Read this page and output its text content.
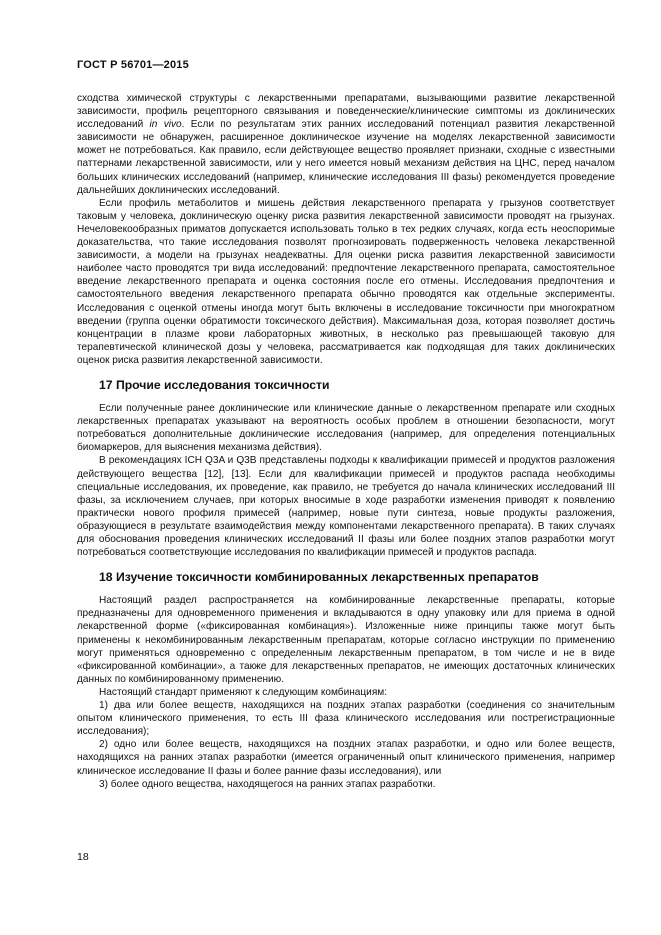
ГОСТ Р 56701—2015

сходства химической структуры с лекарственными препаратами, вызывающими развитие лекарственной зависимости, профиль рецепторного связывания и поведенческие/клинические симптомы из доклинических исследований in vivo. Если по результатам этих ранних исследований потенциал развития лекарственной зависимости не обнаружен, расширенное доклиническое изучение на моделях лекарственной зависимости может не потребоваться. Как правило, если действующее вещество проявляет признаки, сходные с известными паттернами лекарственной зависимости, или у него имеется новый механизм действия на ЦНС, перед началом больших клинических исследований (например, клинические исследования III фазы) рекомендуется проведение дальнейших доклинических исследований.

Если профиль метаболитов и мишень действия лекарственного препарата у грызунов соответствует таковым у человека, доклиническую оценку риска развития лекарственной зависимости проводят на грызунах. Нечеловекообразных приматов допускается использовать только в тех редких случаях, когда есть неоспоримые доказательства, что такие исследования позволят прогнозировать подверженность человека лекарственной зависимости, а модели на грызунах неадекватны. Для оценки риска развития лекарственной зависимости наиболее часто проводятся три вида исследований: предпочтение лекарственного препарата, самостоятельное введение лекарственного препарата и оценка состояния после его отмены. Исследования предпочтения и самостоятельного введения лекарственного препарата обычно проводятся как отдельные эксперименты. Исследования с оценкой отмены иногда могут быть включены в исследование токсичности при многократном введении (группа оценки обратимости токсического действия). Максимальная доза, которая позволяет достичь концентрации в плазме крови лабораторных животных, в несколько раз превышающей таковую для терапевтической клинической дозы у человека, рассматривается как подходящая для таких доклинических оценок риска развития лекарственной зависимости.

17 Прочие исследования токсичности

Если полученные ранее доклинические или клинические данные о лекарственном препарате или сходных лекарственных препаратах указывают на вероятность особых проблем в отношении безопасности, могут потребоваться дополнительные доклинические исследования (например, для определения потенциальных биомаркеров, для выяснения механизма действия).

В рекомендациях ICH Q3A и Q3B представлены подходы к квалификации примесей и продуктов разложения действующего вещества [12], [13]. Если для квалификации примесей и продуктов распада необходимы специальные исследования, их проведение, как правило, не требуется до начала клинических исследований III фазы, за исключением случаев, при которых вносимые в ходе разработки изменения приводят к появлению практически нового профиля примесей (например, новые пути синтеза, новые продукты разложения, образующиеся в результате взаимодействия между компонентами лекарственного препарата). В таких случаях для обоснования проведения клинических исследований II фазы или более поздних этапов разработки могут потребоваться соответствующие исследования по квалификации примесей и продуктов распада.

18 Изучение токсичности комбинированных лекарственных препаратов

Настоящий раздел распространяется на комбинированные лекарственные препараты, которые предназначены для одновременного применения и вкладываются в одну упаковку или для приема в одной лекарственной форме («фиксированная комбинация»). Изложенные ниже принципы также могут быть применены к некомбинированным лекарственным препаратам, которые согласно инструкции по применению могут применяться одновременно с определенным лекарственным препаратом, в том числе и не в виде «фиксированной комбинации», а также для лекарственных препаратов, не имеющих достаточных клинических данных по комбинированному применению.

Настоящий стандарт применяют к следующим комбинациям:

1) два или более веществ, находящихся на поздних этапах разработки (соединения со значительным опытом клинического применения, то есть III фаза клинического исследования или пострегистрационные исследования);

2) одно или более веществ, находящихся на поздних этапах разработки, и одно или более веществ, находящихся на ранних этапах разработки (имеется ограниченный опыт клинического применения, например клиническое исследование II фазы и более ранние фазы исследования), или

3) более одного вещества, находящегося на ранних этапах разработки.

18
